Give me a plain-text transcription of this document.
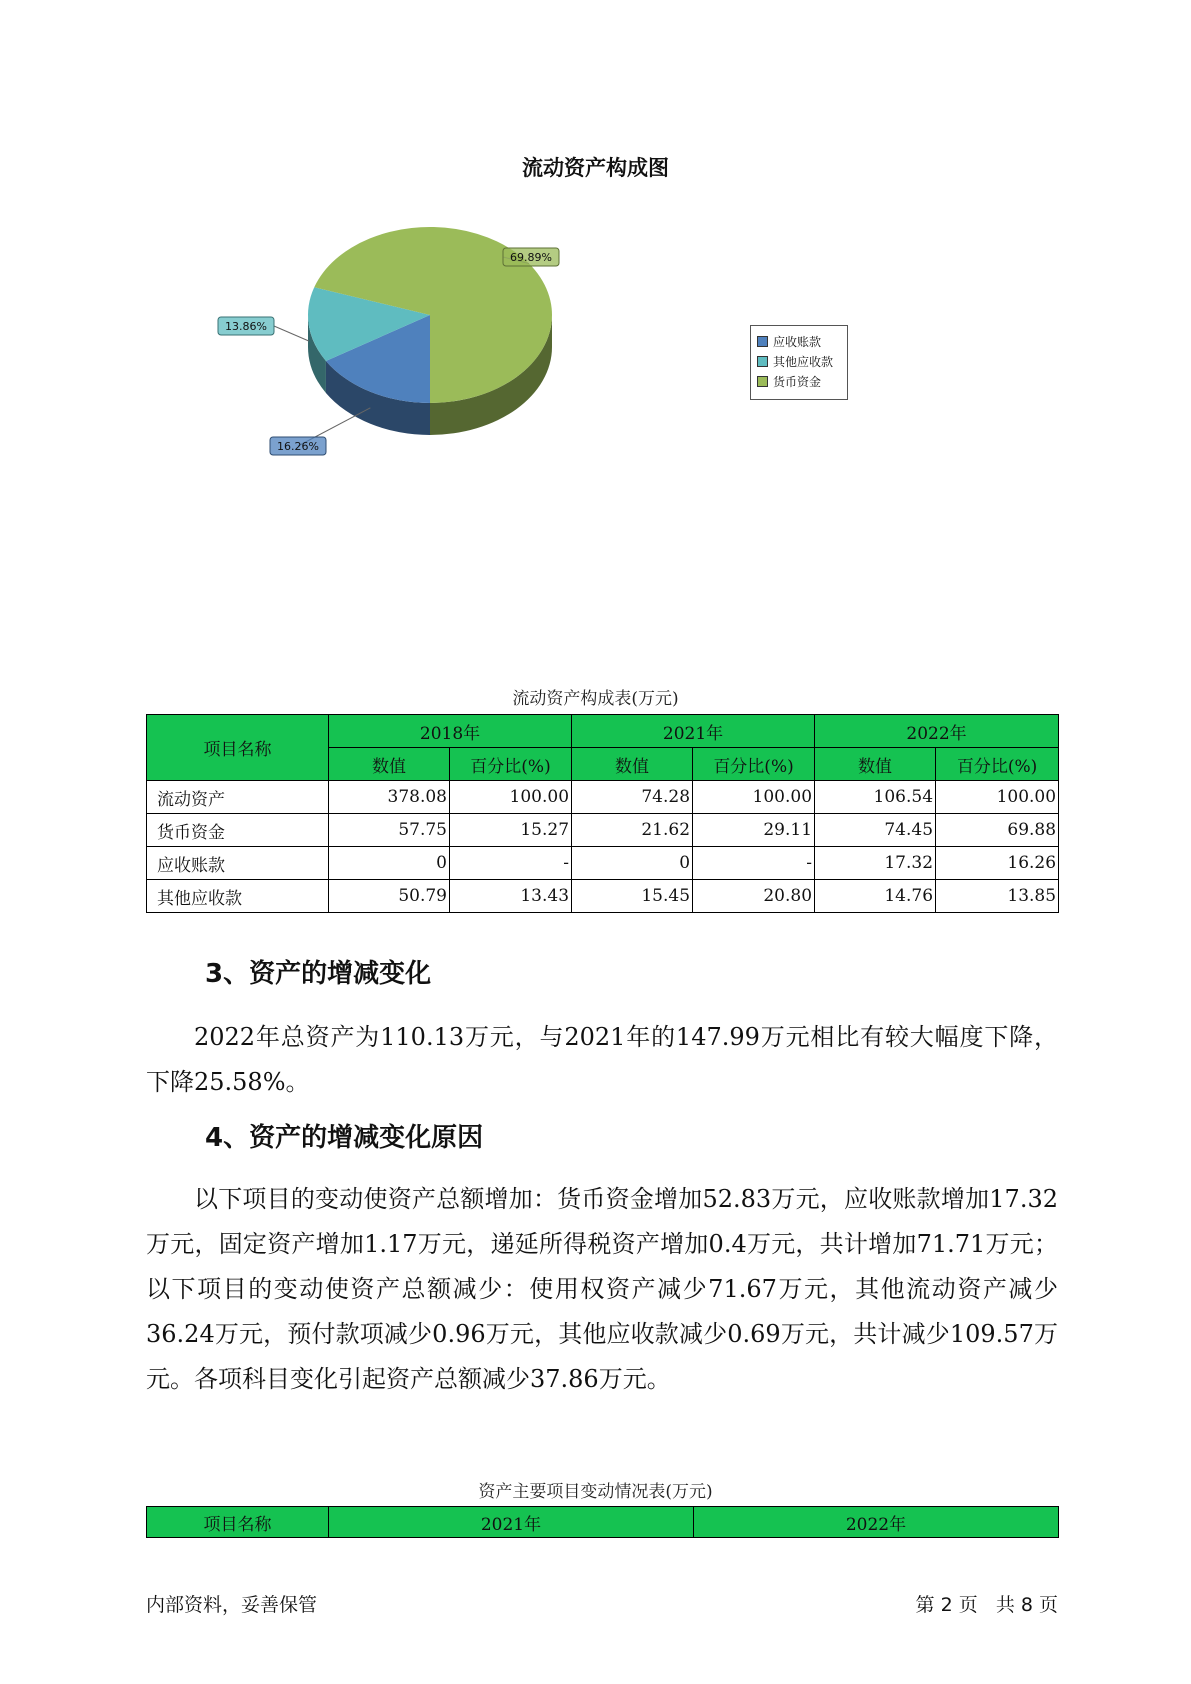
流动资产构成图
16.26%
13.86%
69.89%
应收账款
其他应收款
货币资金
流动资产构成表(万元)
项目名称	2018年		2021年		2022年	
	数值	百分比(%)	数值	百分比(%)	数值	百分比(%)
流动资产	378.08	100.00	74.28	100.00	106.54	100.00
货币资金	57.75	15.27	21.62	29.11	74.45	69.88
应收账款	0	-	0	-	17.32	16.26
其他应收款	50.79	13.43	15.45	20.80	14.76	13.85
3、资产的增减变化
2022年总资产为110.13万元，与2021年的147.99万元相比有较大幅度下降，下降25.58%。
4、资产的增减变化原因
以下项目的变动使资产总额增加：货币资金增加52.83万元，应收账款增加17.32万元，固定资产增加1.17万元，递延所得税资产增加0.4万元，共计增加71.71万元；以下项目的变动使资产总额减少：使用权资产减少71.67万元，其他流动资产减少36.24万元，预付款项减少0.96万元，其他应收款减少0.69万元，共计减少109.57万元。各项科目变化引起资产总额减少37.86万元。
资产主要项目变动情况表(万元)
项目名称	2021年	2022年
内部资料，妥善保管	第 2 页   共 8 页
